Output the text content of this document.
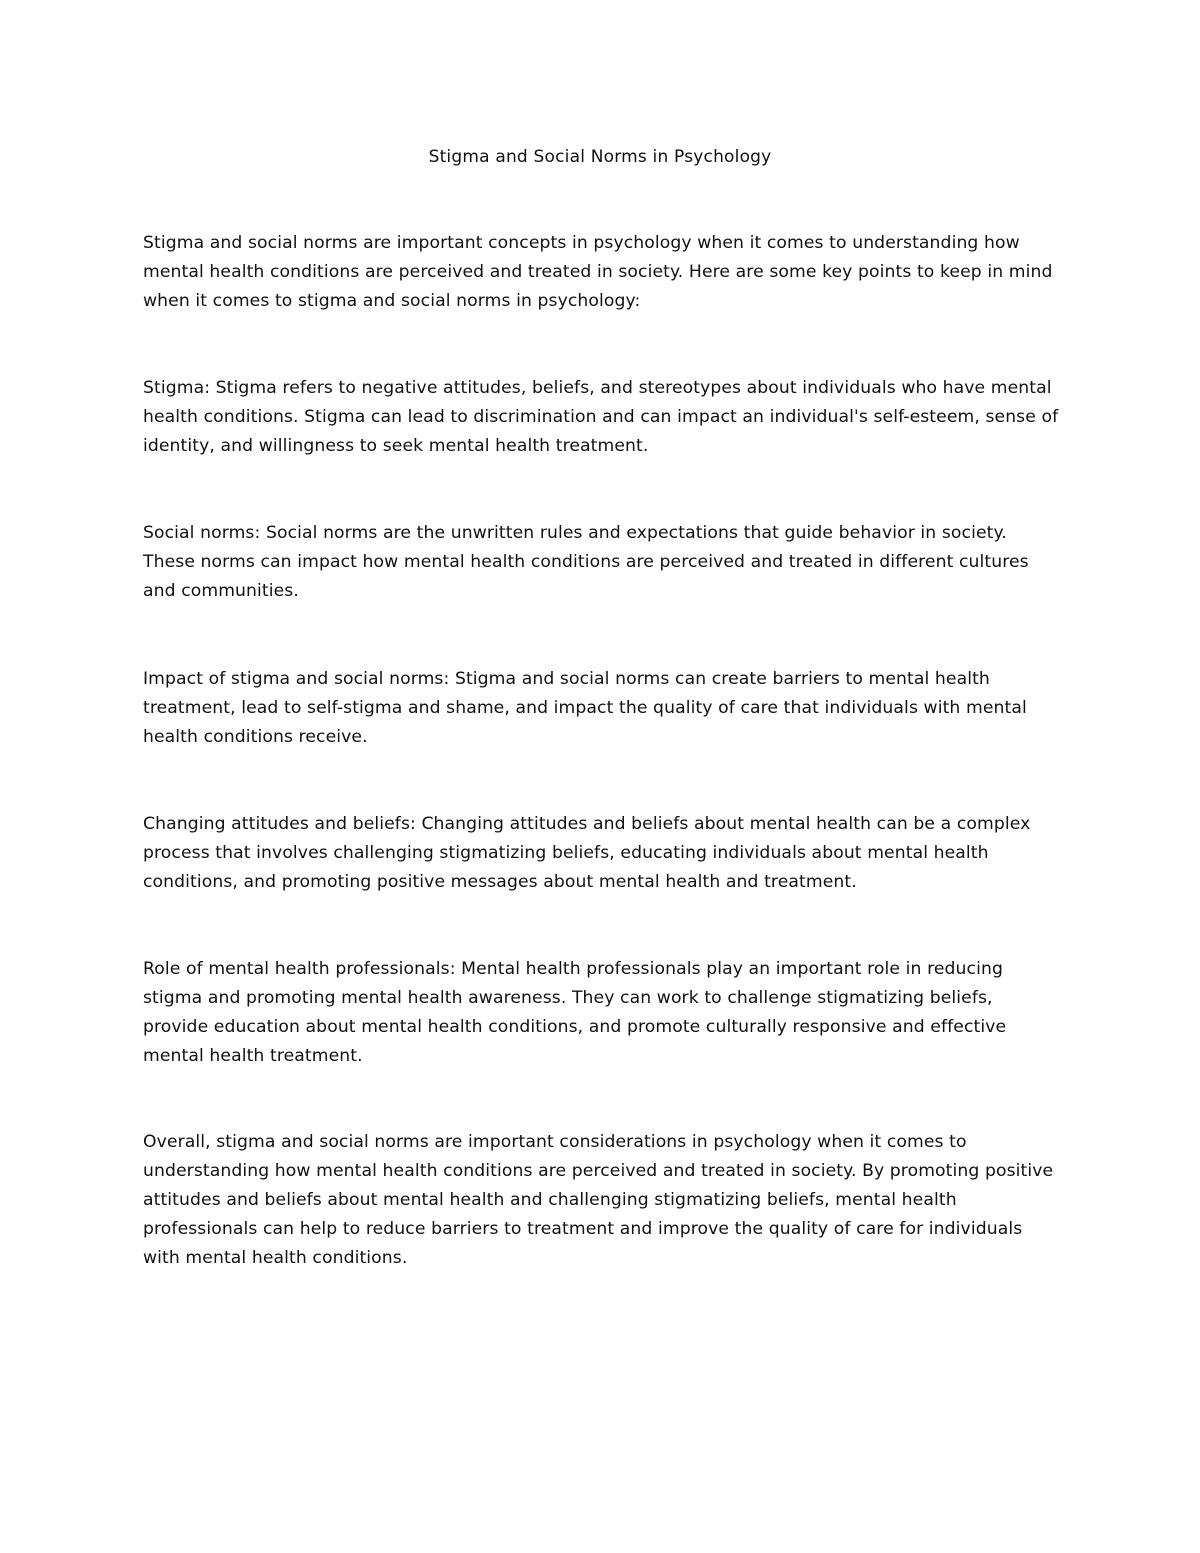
Stigma and Social Norms in Psychology

Stigma and social norms are important concepts in psychology when it comes to understanding how mental health conditions are perceived and treated in society. Here are some key points to keep in mind when it comes to stigma and social norms in psychology:

Stigma: Stigma refers to negative attitudes, beliefs, and stereotypes about individuals who have mental health conditions. Stigma can lead to discrimination and can impact an individual's self-esteem, sense of identity, and willingness to seek mental health treatment.

Social norms: Social norms are the unwritten rules and expectations that guide behavior in society. These norms can impact how mental health conditions are perceived and treated in different cultures and communities.

Impact of stigma and social norms: Stigma and social norms can create barriers to mental health treatment, lead to self-stigma and shame, and impact the quality of care that individuals with mental health conditions receive.

Changing attitudes and beliefs: Changing attitudes and beliefs about mental health can be a complex process that involves challenging stigmatizing beliefs, educating individuals about mental health conditions, and promoting positive messages about mental health and treatment.

Role of mental health professionals: Mental health professionals play an important role in reducing stigma and promoting mental health awareness. They can work to challenge stigmatizing beliefs, provide education about mental health conditions, and promote culturally responsive and effective mental health treatment.

Overall, stigma and social norms are important considerations in psychology when it comes to understanding how mental health conditions are perceived and treated in society. By promoting positive attitudes and beliefs about mental health and challenging stigmatizing beliefs, mental health professionals can help to reduce barriers to treatment and improve the quality of care for individuals with mental health conditions.
